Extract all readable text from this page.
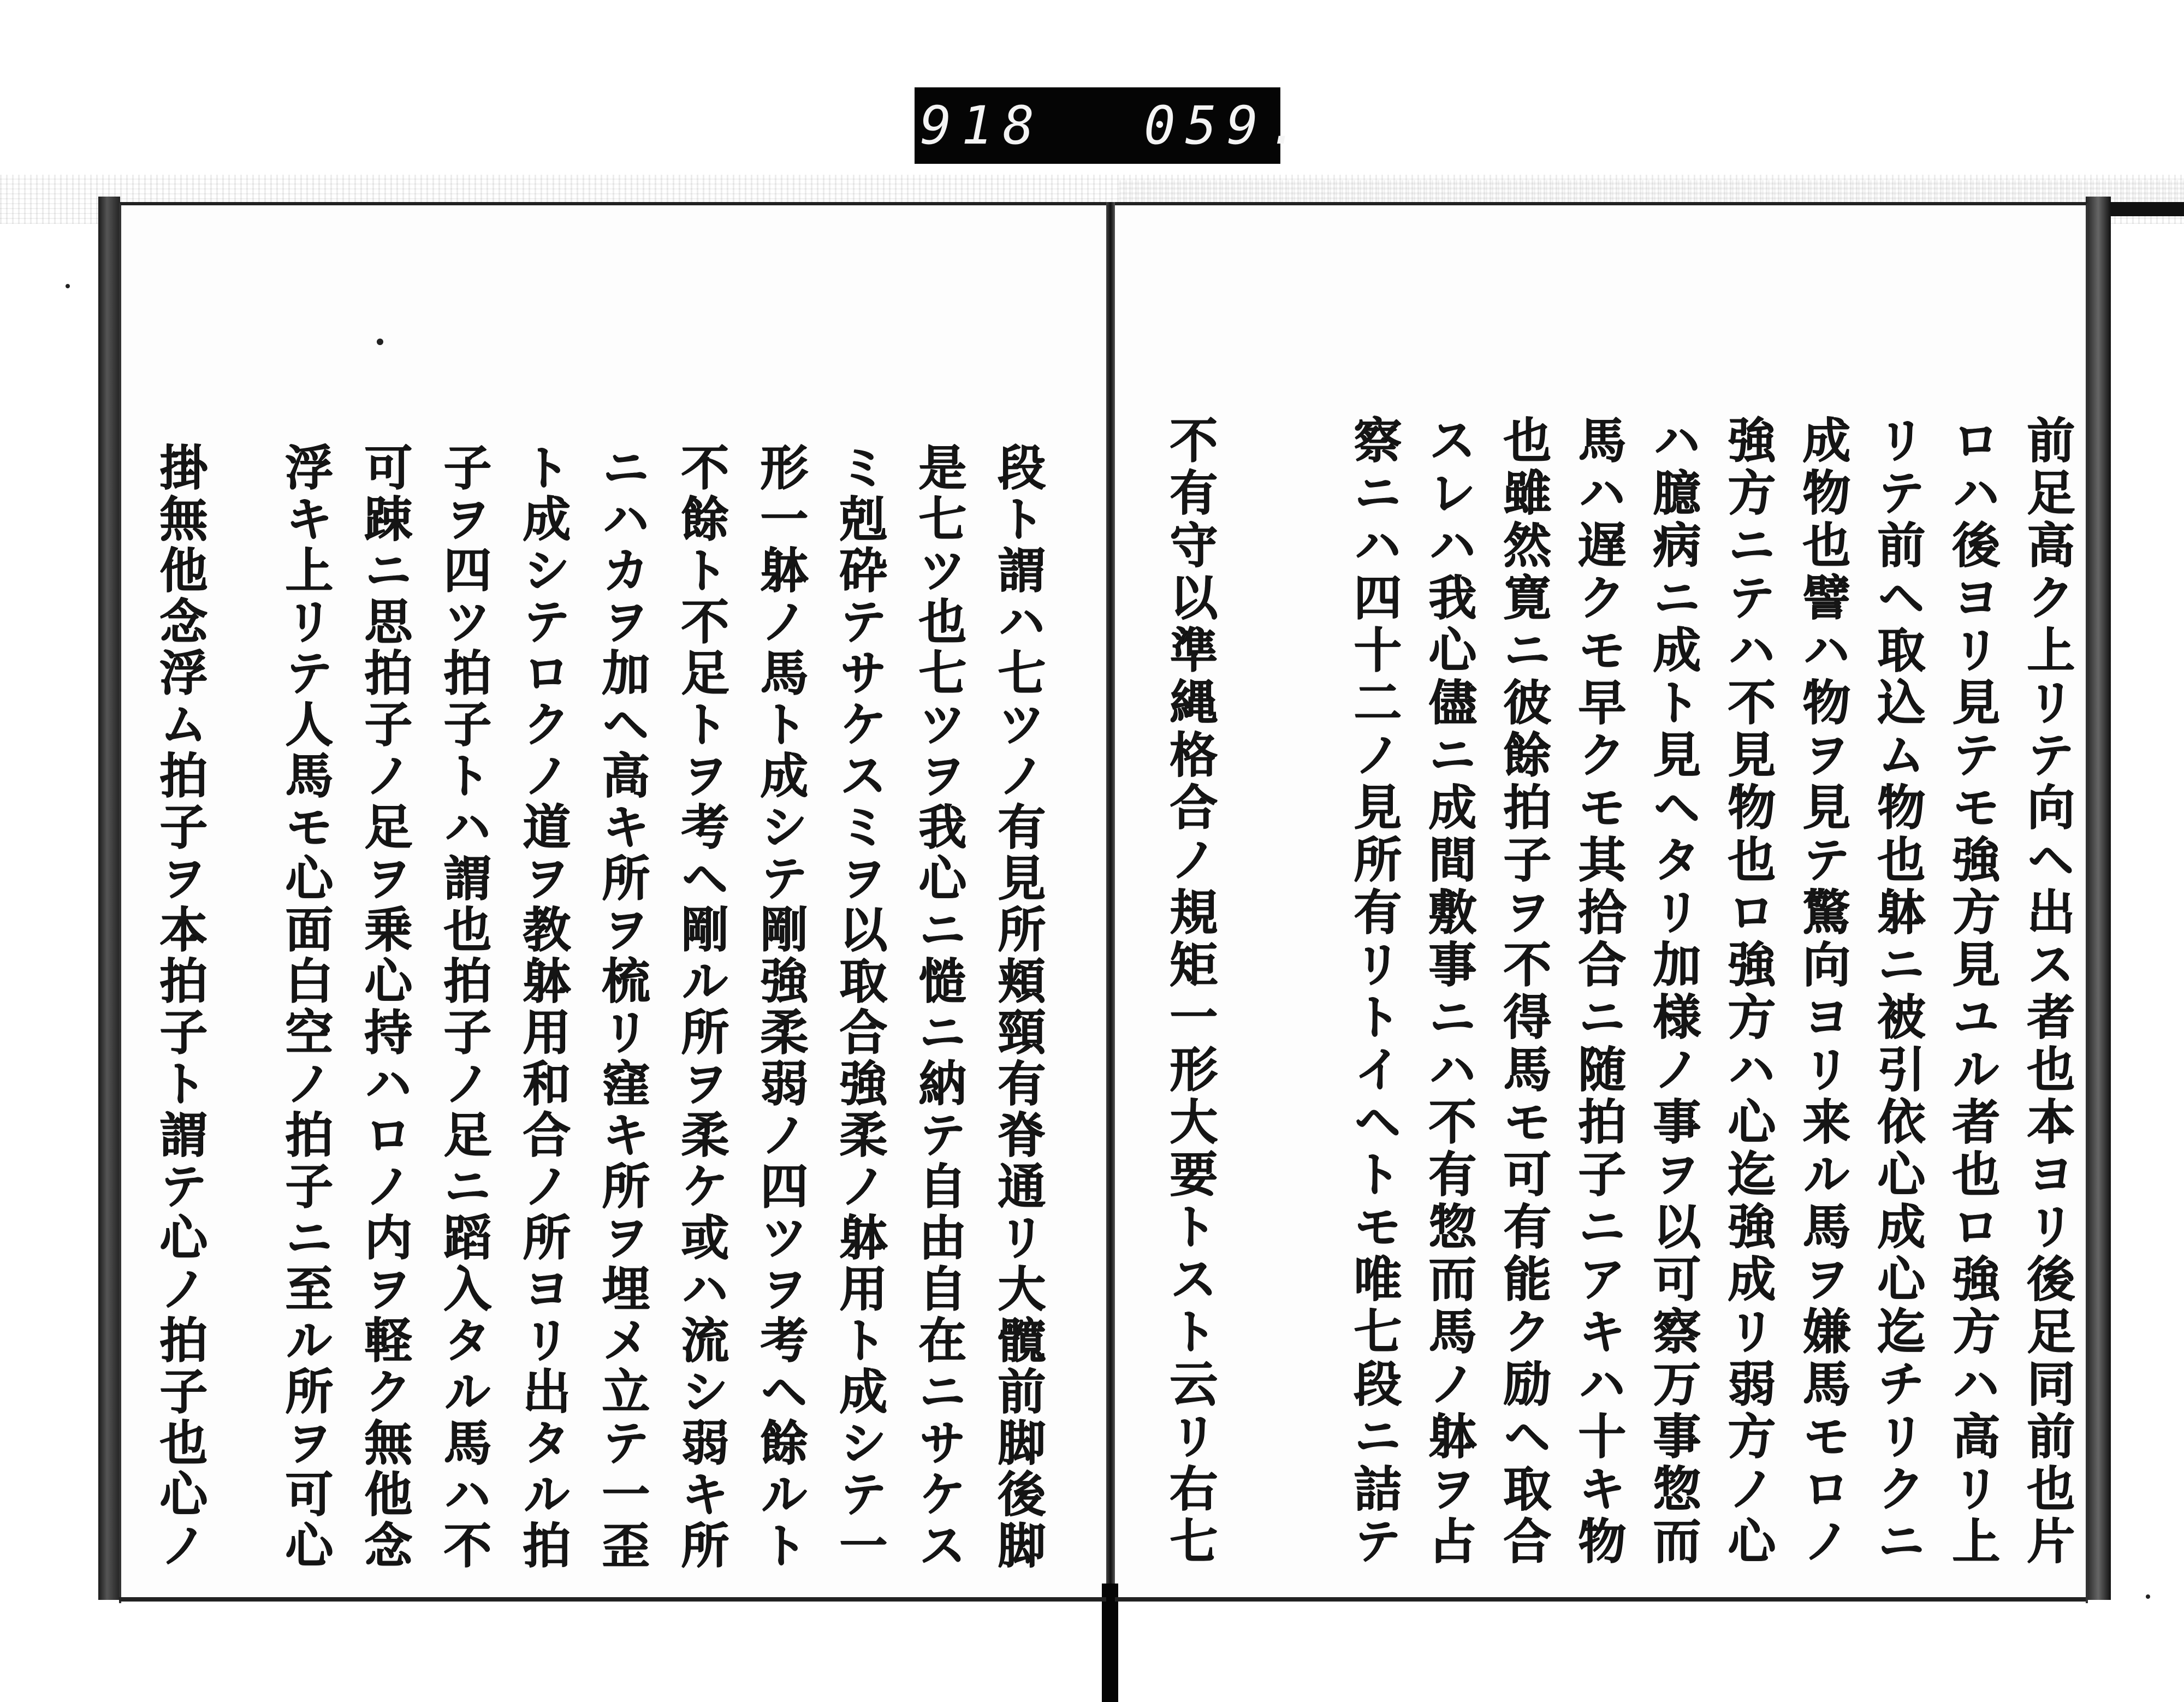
918 059.
前足高ク上リテ向ヘ出ス者也本ヨリ後足同前也片
ロハ後ヨリ見テモ強方見ユル者也ロ強方ハ高リ上
リテ前ヘ取込ム物也躰ニ被引依心成心迄チリクニ
成物也譬ハ物ヲ見テ驚向ヨリ来ル馬ヲ嫌馬モロノ
強方ニテハ不見物也ロ強方ハ心迄強成リ弱方ノ心
ハ臆病ニ成ト見ヘタリ加様ノ事ヲ以可察万事惣而
馬ハ遅クモ早クモ其拾合ニ随拍子ニアキハ十キ物
也雖然寛ニ彼餘拍子ヲ不得馬モ可有能ク励ヘ取合
スレハ我心儘ニ成間敷事ニハ不有惣而馬ノ躰ヲ占
察ニハ四十二ノ見所有リトイヘトモ唯七段ニ詰テ
不有守以準縄格合ノ規矩一形大要トスト云リ右七
段ト謂ハ七ツノ有見所頬頸有脊通リ大髖前脚後脚
是七ツ也七ツヲ我心ニ慥ニ納テ自由自在ニサケス
ミ剋砕テサケスミヲ以取合強柔ノ躰用ト成シテ一
形一躰ノ馬ト成シテ剛強柔弱ノ四ツヲ考ヘ餘ルト
不餘ト不足トヲ考ヘ剛ル所ヲ柔ケ或ハ流シ弱キ所
ニハカヲ加ヘ高キ所ヲ梳リ窪キ所ヲ埋メ立テ一歪
ト成シテロクノ道ヲ教躰用和合ノ所ヨリ出タル拍
子ヲ四ツ拍子トハ謂也拍子ノ足ニ蹈入タル馬ハ不
可踈ニ思拍子ノ足ヲ乗心持ハロノ内ヲ軽ク無他念
浮キ上リテ人馬モ心面白空ノ拍子ニ至ル所ヲ可心
掛無他念浮ム拍子ヲ本拍子ト謂テ心ノ拍子也心ノ
